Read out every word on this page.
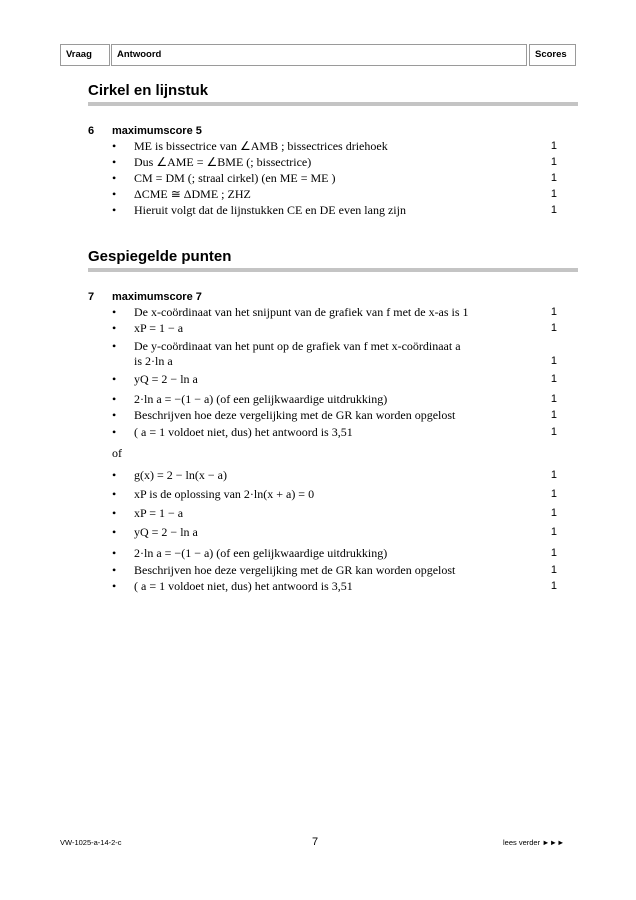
Vraag	Antwoord	Scores
Cirkel en lijnstuk
6 maximumscore 5
• ME is bissectrice van ∠AMB ; bissectrices driehoek	1
• Dus ∠AME = ∠BME (; bissectrice)	1
• CM = DM (; straal cirkel) (en ME = ME )	1
• ΔCME ≅ ΔDME ; ZHZ	1
• Hieruit volgt dat de lijnstukken CE en DE even lang zijn	1
Gespiegelde punten
7 maximumscore 7
• De x-coördinaat van het snijpunt van de grafiek van f met de x-as is 1	1
• xP = 1 − a	1
• De y-coördinaat van het punt op de grafiek van f met x-coördinaat a
is 2·ln a	1
• yQ = 2 − ln a	1
• 2·ln a = −(1 − a) (of een gelijkwaardige uitdrukking)	1
• Beschrijven hoe deze vergelijking met de GR kan worden opgelost	1
• ( a = 1 voldoet niet, dus) het antwoord is 3,51	1
of
• g(x) = 2 − ln(x − a)	1
• xP is de oplossing van 2·ln(x + a) = 0	1
• xP = 1 − a	1
• yQ = 2 − ln a	1
• 2·ln a = −(1 − a) (of een gelijkwaardige uitdrukking)	1
• Beschrijven hoe deze vergelijking met de GR kan worden opgelost	1
• ( a = 1 voldoet niet, dus) het antwoord is 3,51	1
VW-1025-a-14-2-c	7	lees verder ►►►
